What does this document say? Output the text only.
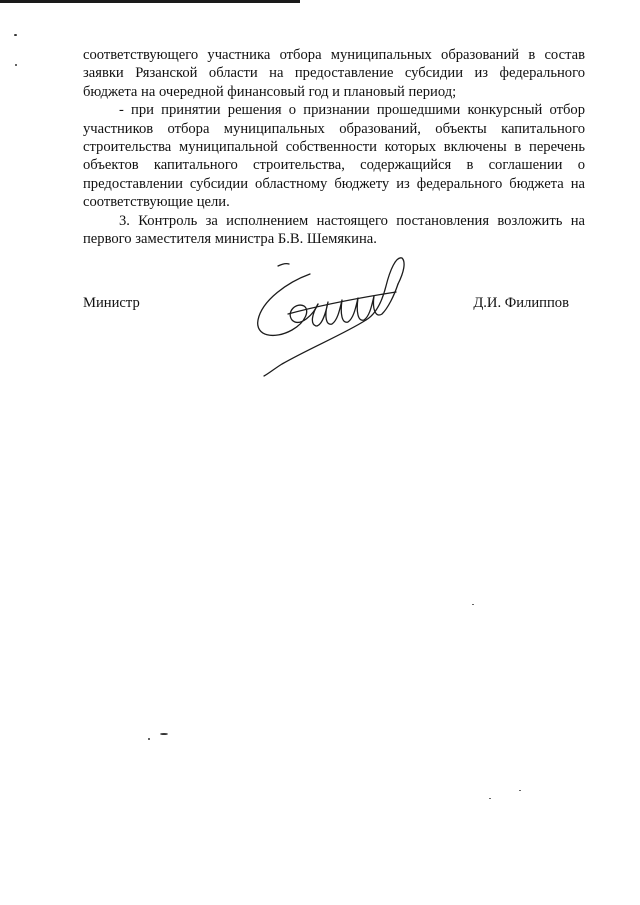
соответствующего участника отбора муниципальных образований в состав заявки Рязанской области на предоставление субсидии из федерального бюджета на очередной финансовый год и плановый период;

- при принятии решения о признании прошедшими конкурсный отбор участников отбора муниципальных образований, объекты капитального строительства муниципальной собственности которых включены в перечень объектов капитального строительства, содержащийся в соглашении о предоставлении субсидии областному бюджету из федерального бюджета на соответствующие цели.

3. Контроль за исполнением настоящего постановления возложить на первого заместителя министра Б.В. Шемякина.

Министр	Д.И. Филиппов
